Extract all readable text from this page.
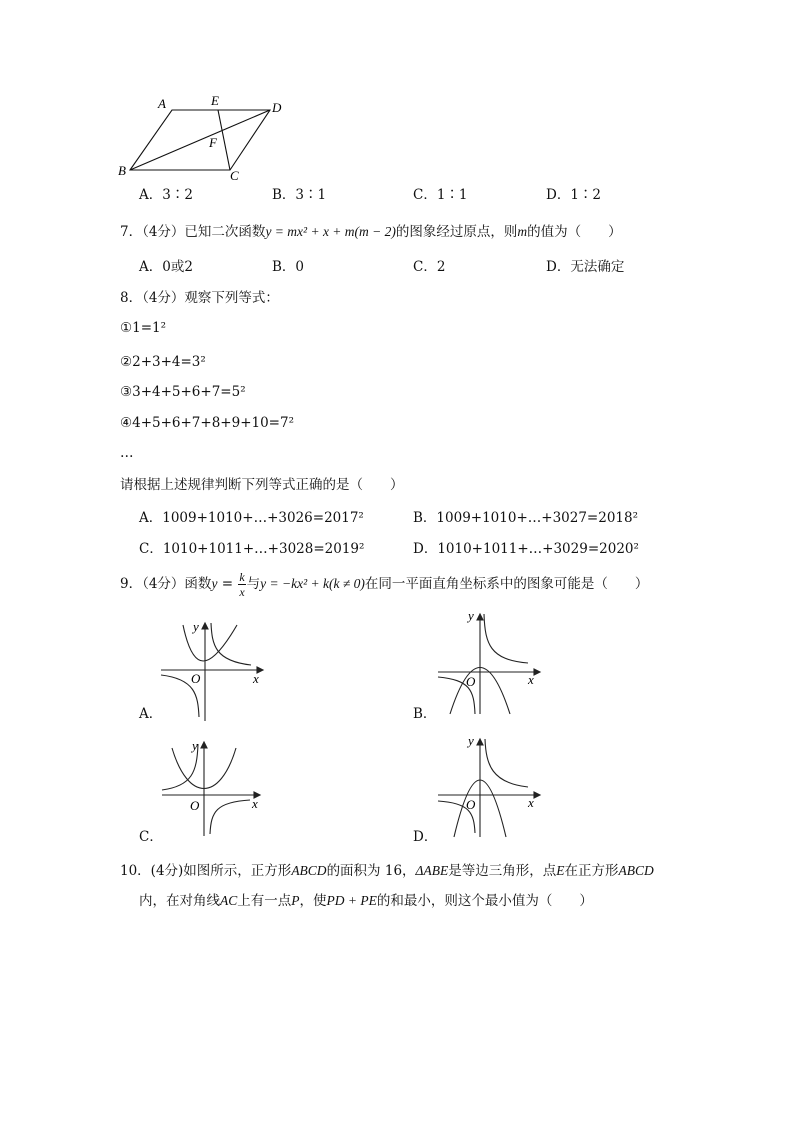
A	E	D
F
B	C
A．3∶2	B．3∶1	C．1∶1	D．1∶2
7．（4分）已知二次函数y = mx² + x + m(m − 2)的图象经过原点，则m的值为（　　）
A．0或2	B．0	C．2	D．无法确定
8．（4分）观察下列等式：
①1=1²
②2+3+4=3²
③3+4+5+6+7=5²
④4+5+6+7+8+9+10=7²
…
请根据上述规律判断下列等式正确的是（　　）
A．1009+1010+…+3026=2017²	B．1009+1010+…+3027=2018²
C．1010+1011+…+3028=2019²	D．1010+1011+…+3029=2020²
9．（4分）函数$y = \frac{k}{x}$ 与y = −kx² + k(k ≠ 0)在同一平面直角坐标系中的图象可能是（　　）
y
x
O
A．
y
x
O
B．
y
x
O
C．
y
x
O
D．
10．(4分)如图所示，正方形ABCD的面积为 16，ΔABE是等边三角形，点E在正方形ABCD
内，在对角线AC上有一点P，使PD + PE的和最小，则这个最小值为（　　）
